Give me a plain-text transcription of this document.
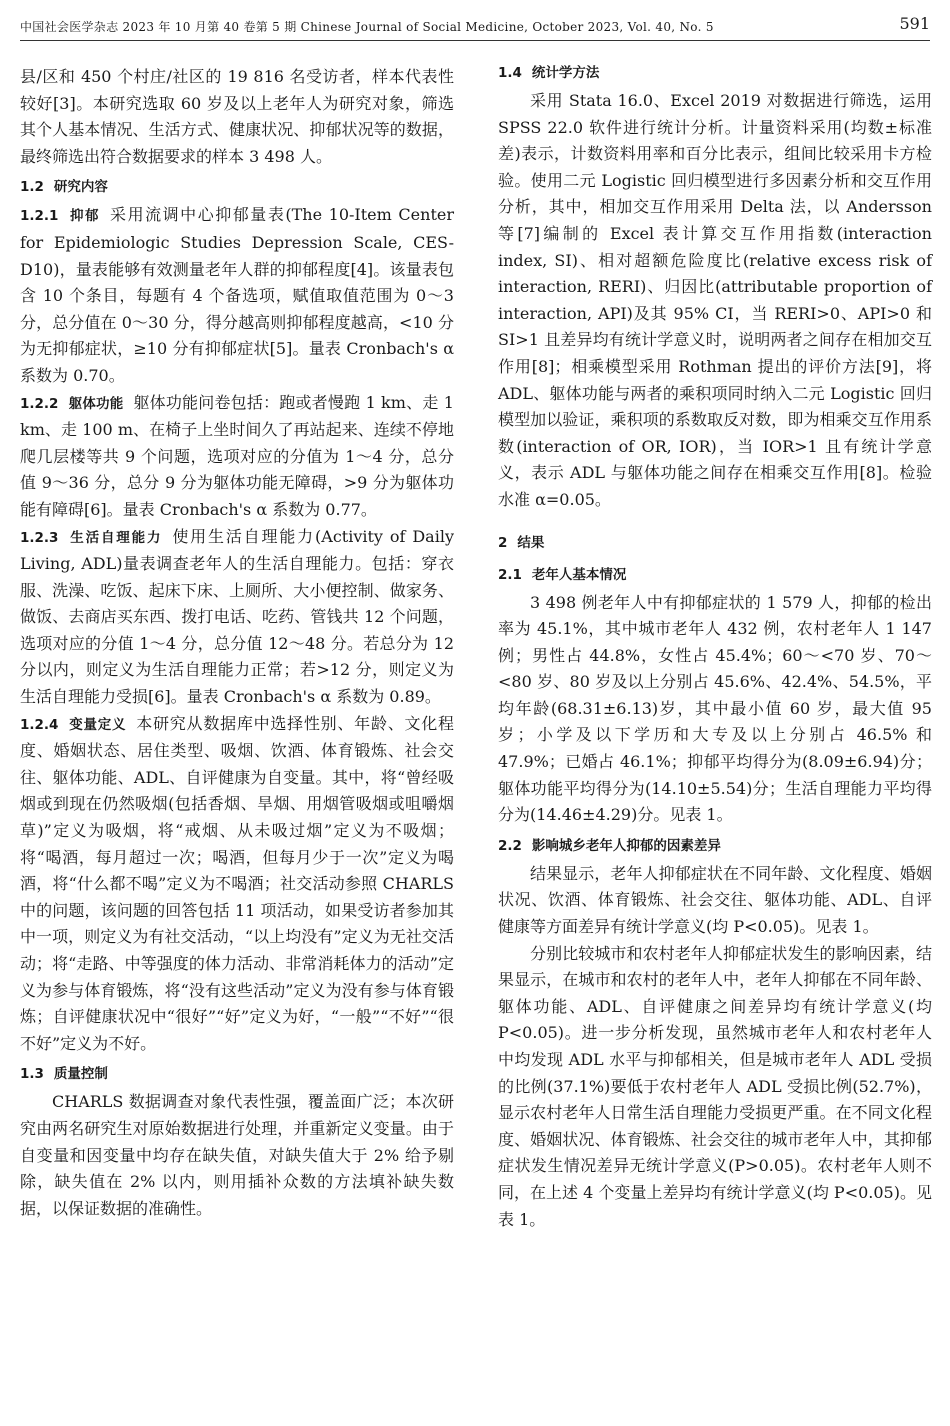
中国社会医学杂志 2023 年 10 月第 40 卷第 5 期 Chinese Journal of Social Medicine, October 2023, Vol. 40, No. 5	591

县/区和 450 个村庄/社区的 19 816 名受访者，样本代表性较好[3]。本研究选取 60 岁及以上老年人为研究对象，筛选其个人基本情况、生活方式、健康状况、抑郁状况等的数据，最终筛选出符合数据要求的样本 3 498 人。

1.2 研究内容

1.2.1 抑郁 采用流调中心抑郁量表(The 10-Item Center for Epidemiologic Studies Depression Scale, CES-D10)，量表能够有效测量老年人群的抑郁程度[4]。该量表包含 10 个条目，每题有 4 个备选项，赋值取值范围为 0～3 分，总分值在 0～30 分，得分越高则抑郁程度越高，<10 分为无抑郁症状，≥10 分有抑郁症状[5]。量表 Cronbach's α 系数为 0.70。

1.2.2 躯体功能 躯体功能问卷包括：跑或者慢跑 1 km、走 1 km、走 100 m、在椅子上坐时间久了再站起来、连续不停地爬几层楼等共 9 个问题，选项对应的分值为 1～4 分，总分值 9～36 分，总分 9 分为躯体功能无障碍，>9 分为躯体功能有障碍[6]。量表 Cronbach's α 系数为 0.77。

1.2.3 生活自理能力 使用生活自理能力(Activity of Daily Living, ADL)量表调查老年人的生活自理能力。包括：穿衣服、洗澡、吃饭、起床下床、上厕所、大小便控制、做家务、做饭、去商店买东西、拨打电话、吃药、管钱共 12 个问题，选项对应的分值 1～4 分，总分值 12～48 分。若总分为 12 分以内，则定义为生活自理能力正常；若>12 分，则定义为生活自理能力受损[6]。量表 Cronbach's α 系数为 0.89。

1.2.4 变量定义 本研究从数据库中选择性别、年龄、文化程度、婚姻状态、居住类型、吸烟、饮酒、体育锻炼、社会交往、躯体功能、ADL、自评健康为自变量。其中，将“曾经吸烟或到现在仍然吸烟(包括香烟、旱烟、用烟管吸烟或咀嚼烟草)”定义为吸烟，将“戒烟、从未吸过烟”定义为不吸烟；将“喝酒，每月超过一次；喝酒，但每月少于一次”定义为喝酒，将“什么都不喝”定义为不喝酒；社交活动参照 CHARLS 中的问题，该问题的回答包括 11 项活动，如果受访者参加其中一项，则定义为有社交活动，“以上均没有”定义为无社交活动；将“走路、中等强度的体力活动、非常消耗体力的活动”定义为参与体育锻炼，将“没有这些活动”定义为没有参与体育锻炼；自评健康状况中“很好”“好”定义为好，“一般”“不好”“很不好”定义为不好。

1.3 质量控制

CHARLS 数据调查对象代表性强，覆盖面广泛；本次研究由两名研究生对原始数据进行处理，并重新定义变量。由于自变量和因变量中均存在缺失值，对缺失值大于 2% 给予剔除，缺失值在 2% 以内，则用插补众数的方法填补缺失数据，以保证数据的准确性。

1.4 统计学方法

采用 Stata 16.0、Excel 2019 对数据进行筛选，运用 SPSS 22.0 软件进行统计分析。计量资料采用(均数±标准差)表示，计数资料用率和百分比表示，组间比较采用卡方检验。使用二元 Logistic 回归模型进行多因素分析和交互作用分析，其中，相加交互作用采用 Delta 法，以 Andersson 等[7]编制的 Excel 表计算交互作用指数(interaction index, SI)、相对超额危险度比(relative excess risk of interaction, RERI)、归因比(attributable proportion of interaction, API)及其 95% CI，当 RERI>0、API>0 和 SI>1 且差异均有统计学意义时，说明两者之间存在相加交互作用[8]；相乘模型采用 Rothman 提出的评价方法[9]，将 ADL、躯体功能与两者的乘积项同时纳入二元 Logistic 回归模型加以验证，乘积项的系数取反对数，即为相乘交互作用系数(interaction of OR, IOR)，当 IOR>1 且有统计学意义，表示 ADL 与躯体功能之间存在相乘交互作用[8]。检验水准 α=0.05。

2 结果
2.1 老年人基本情况

3 498 例老年人中有抑郁症状的 1 579 人，抑郁的检出率为 45.1%，其中城市老年人 432 例，农村老年人 1 147 例；男性占 44.8%，女性占 45.4%；60～<70 岁、70～<80 岁、80 岁及以上分别占 45.6%、42.4%、54.5%，平均年龄(68.31±6.13)岁，其中最小值 60 岁，最大值 95 岁；小学及以下学历和大专及以上分别占 46.5% 和 47.9%；已婚占 46.1%；抑郁平均得分为(8.09±6.94)分；躯体功能平均得分为(14.10±5.54)分；生活自理能力平均得分为(14.46±4.29)分。见表 1。

2.2 影响城乡老年人抑郁的因素差异

结果显示，老年人抑郁症状在不同年龄、文化程度、婚姻状况、饮酒、体育锻炼、社会交往、躯体功能、ADL、自评健康等方面差异有统计学意义(均 P<0.05)。见表 1。

分别比较城市和农村老年人抑郁症状发生的影响因素，结果显示，在城市和农村的老年人中，老年人抑郁在不同年龄、躯体功能、ADL、自评健康之间差异均有统计学意义(均 P<0.05)。进一步分析发现，虽然城市老年人和农村老年人中均发现 ADL 水平与抑郁相关，但是城市老年人 ADL 受损的比例(37.1%)要低于农村老年人 ADL 受损比例(52.7%)，显示农村老年人日常生活自理能力受损更严重。在不同文化程度、婚姻状况、体育锻炼、社会交往的城市老年人中，其抑郁症状发生情况差异无统计学意义(P>0.05)。农村老年人则不同，在上述 4 个变量上差异均有统计学意义(均 P<0.05)。见表 1。
